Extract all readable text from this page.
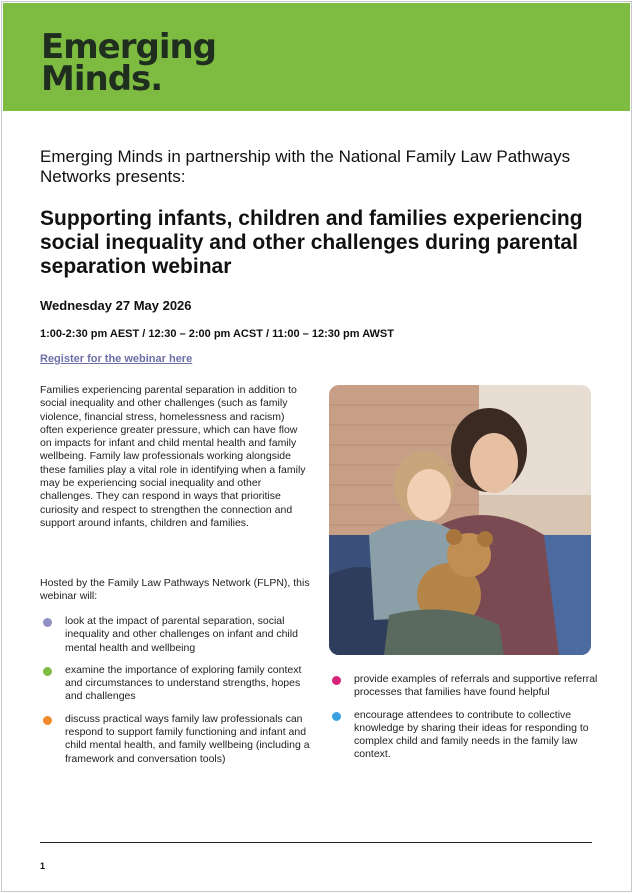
Emerging
Minds.
Emerging Minds in partnership with the National Family Law Pathways Networks presents:
Supporting infants, children and families experiencing social inequality and other challenges during parental separation webinar
Wednesday 27 May 2026
1:00-2:30 pm AEST / 12:30 – 2:00 pm ACST / 11:00 – 12:30 pm AWST
Register for the webinar here
Families experiencing parental separation in addition to social inequality and other challenges (such as family violence, financial stress, homelessness and racism) often experience greater pressure, which can have flow on impacts for infant and child mental health and family wellbeing. Family law professionals working alongside these families play a vital role in identifying when a family may be experiencing social inequality and other challenges. They can respond in ways that prioritise curiosity and respect to strengthen the connection and support around infants, children and families.
Hosted by the Family Law Pathways Network (FLPN), this webinar will:
look at the impact of parental separation, social inequality and other challenges on infant and child mental health and wellbeing
examine the importance of exploring family context and circumstances to understand strengths, hopes and challenges
discuss practical ways family law professionals can respond to support family functioning and infant and child mental health, and family wellbeing (including a framework and conversation tools)
provide examples of referrals and supportive referral processes that families have found helpful
encourage attendees to contribute to collective knowledge by sharing their ideas for responding to complex child and family needs in the family law context.
1
